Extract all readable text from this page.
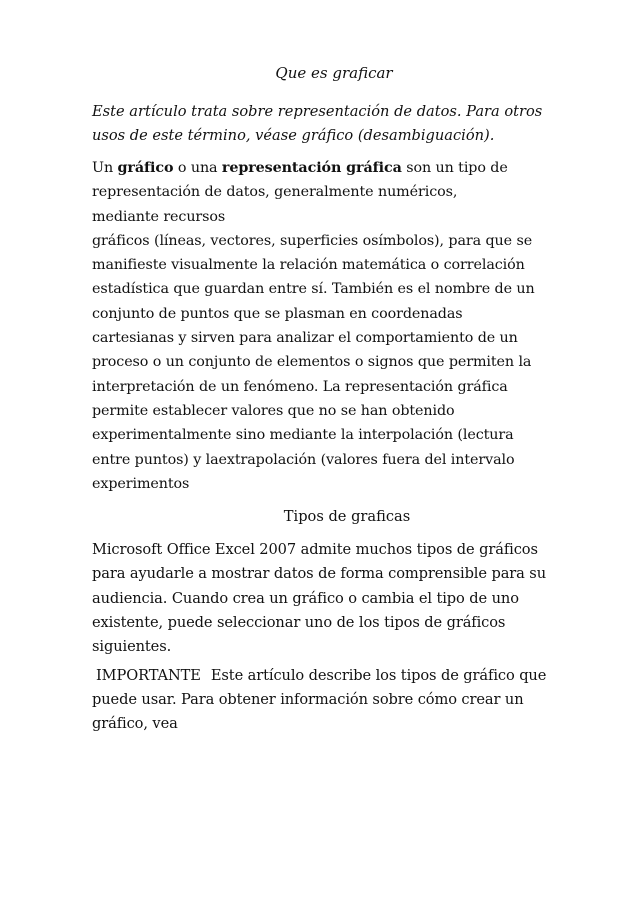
Que es graficar
Este artículo trata sobre representación de datos. Para otros
usos de este término, véase gráfico (desambiguación).
Un gráfico o una representación gráfica son un tipo de
representación de datos, generalmente numéricos,
mediante recursos
gráficos (líneas, vectores, superficies osímbolos), para que se
manifieste visualmente la relación matemática o correlación
estadística que guardan entre sí. También es el nombre de un
conjunto de puntos que se plasman en coordenadas
cartesianas y sirven para analizar el comportamiento de un
proceso o un conjunto de elementos o signos que permiten la
interpretación de un fenómeno. La representación gráfica
permite establecer valores que no se han obtenido
experimentalmente sino mediante la interpolación (lectura
entre puntos) y laextrapolación (valores fuera del intervalo
experimentos
Tipos de graficas
Microsoft Office Excel 2007 admite muchos tipos de gráficos
para ayudarle a mostrar datos de forma comprensible para su
audiencia. Cuando crea un gráfico o cambia el tipo de uno
existente, puede seleccionar uno de los tipos de gráficos
siguientes.
IMPORTANTE Este artículo describe los tipos de gráfico que
puede usar. Para obtener información sobre cómo crear un
gráfico, vea
